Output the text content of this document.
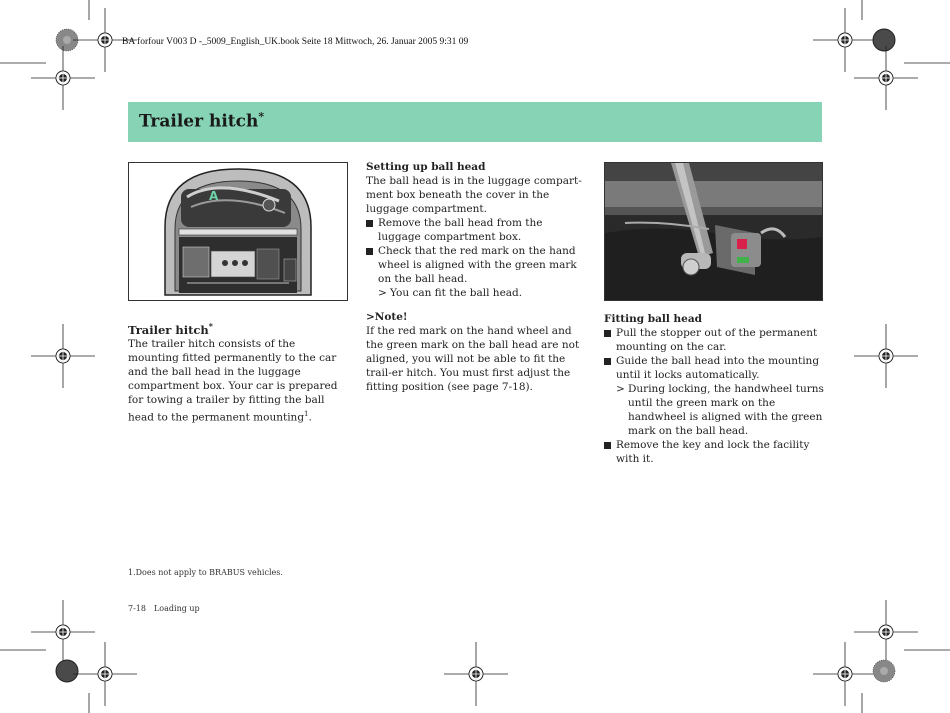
BA forfour V003 D -_5009_English_UK.book Seite 18 Mittwoch, 26. Januar 2005 9:31 09
Trailer hitch*
A

Trailer hitch*

The trailer hitch consists of the mounting fitted permanently to the car and the ball head in the luggage compartment box. Your car is prepared for towing a trailer by fitting the ball head to the permanent mounting$^1$.

Setting up ball head

The ball head is in the luggage compart-ment box beneath the cover in the luggage compartment.

Remove the ball head from the luggage compartment box.

Check that the red mark on the hand wheel is aligned with the green mark on the ball head.

> You can fit the ball head.

>Note!

If the red mark on the hand wheel and the green mark on the ball head are not aligned, you will not be able to fit the trail-er hitch. You must first adjust the fitting position (see page 7-18).

Fitting ball head

Pull the stopper out of the permanent mounting on the car.

Guide the ball head into the mounting until it locks automatically.

> During locking, the handwheel turns until the green mark on the handwheel is aligned with the green mark on the ball head.

Remove the key and lock the facility with it.

1.Does not apply to BRABUS vehicles.
7-18 Loading up
